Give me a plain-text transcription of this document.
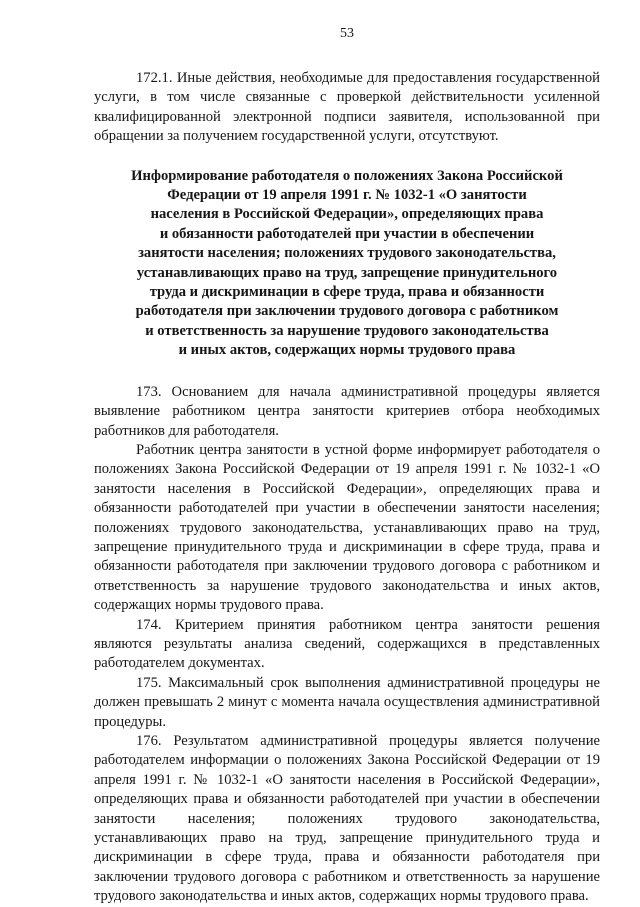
53

172.1. Иные действия, необходимые для предоставления государственной услуги, в том числе связанные с проверкой действительности усиленной квалифицированной электронной подписи заявителя, использованной при обращении за получением государственной услуги, отсутствуют.

Информирование работодателя о положениях Закона Российской
Федерации от 19 апреля 1991 г. № 1032-1 «О занятости
населения в Российской Федерации», определяющих права
и обязанности работодателей при участии в обеспечении
занятости населения; положениях трудового законодательства,
устанавливающих право на труд, запрещение принудительного
труда и дискриминации в сфере труда, права и обязанности
работодателя при заключении трудового договора с работником
и ответственность за нарушение трудового законодательства
и иных актов, содержащих нормы трудового права

173. Основанием для начала административной процедуры является выявление работником центра занятости критериев отбора необходимых работников для работодателя.

Работник центра занятости в устной форме информирует работодателя о положениях Закона Российской Федерации от 19 апреля 1991 г. № 1032-1 «О занятости населения в Российской Федерации», определяющих права и обязанности работодателей при участии в обеспечении занятости населения; положениях трудового законодательства, устанавливающих право на труд, запрещение принудительного труда и дискриминации в сфере труда, права и обязанности работодателя при заключении трудового договора с работником и ответственность за нарушение трудового законодательства и иных актов, содержащих нормы трудового права.

174. Критерием принятия работником центра занятости решения являются результаты анализа сведений, содержащихся в представленных работодателем документах.

175. Максимальный срок выполнения административной процедуры не должен превышать 2 минут с момента начала осуществления административной процедуры.

176. Результатом административной процедуры является получение работодателем информации о положениях Закона Российской Федерации от 19 апреля 1991 г. № 1032-1 «О занятости населения в Российской Федерации», определяющих права и обязанности работодателей при участии в обеспечении занятости населения; положениях трудового законодательства, устанавливающих право на труд, запрещение принудительного труда и дискриминации в сфере труда, права и обязанности работодателя при заключении трудового договора с работником и ответственность за нарушение трудового законодательства и иных актов, содержащих нормы трудового права.
